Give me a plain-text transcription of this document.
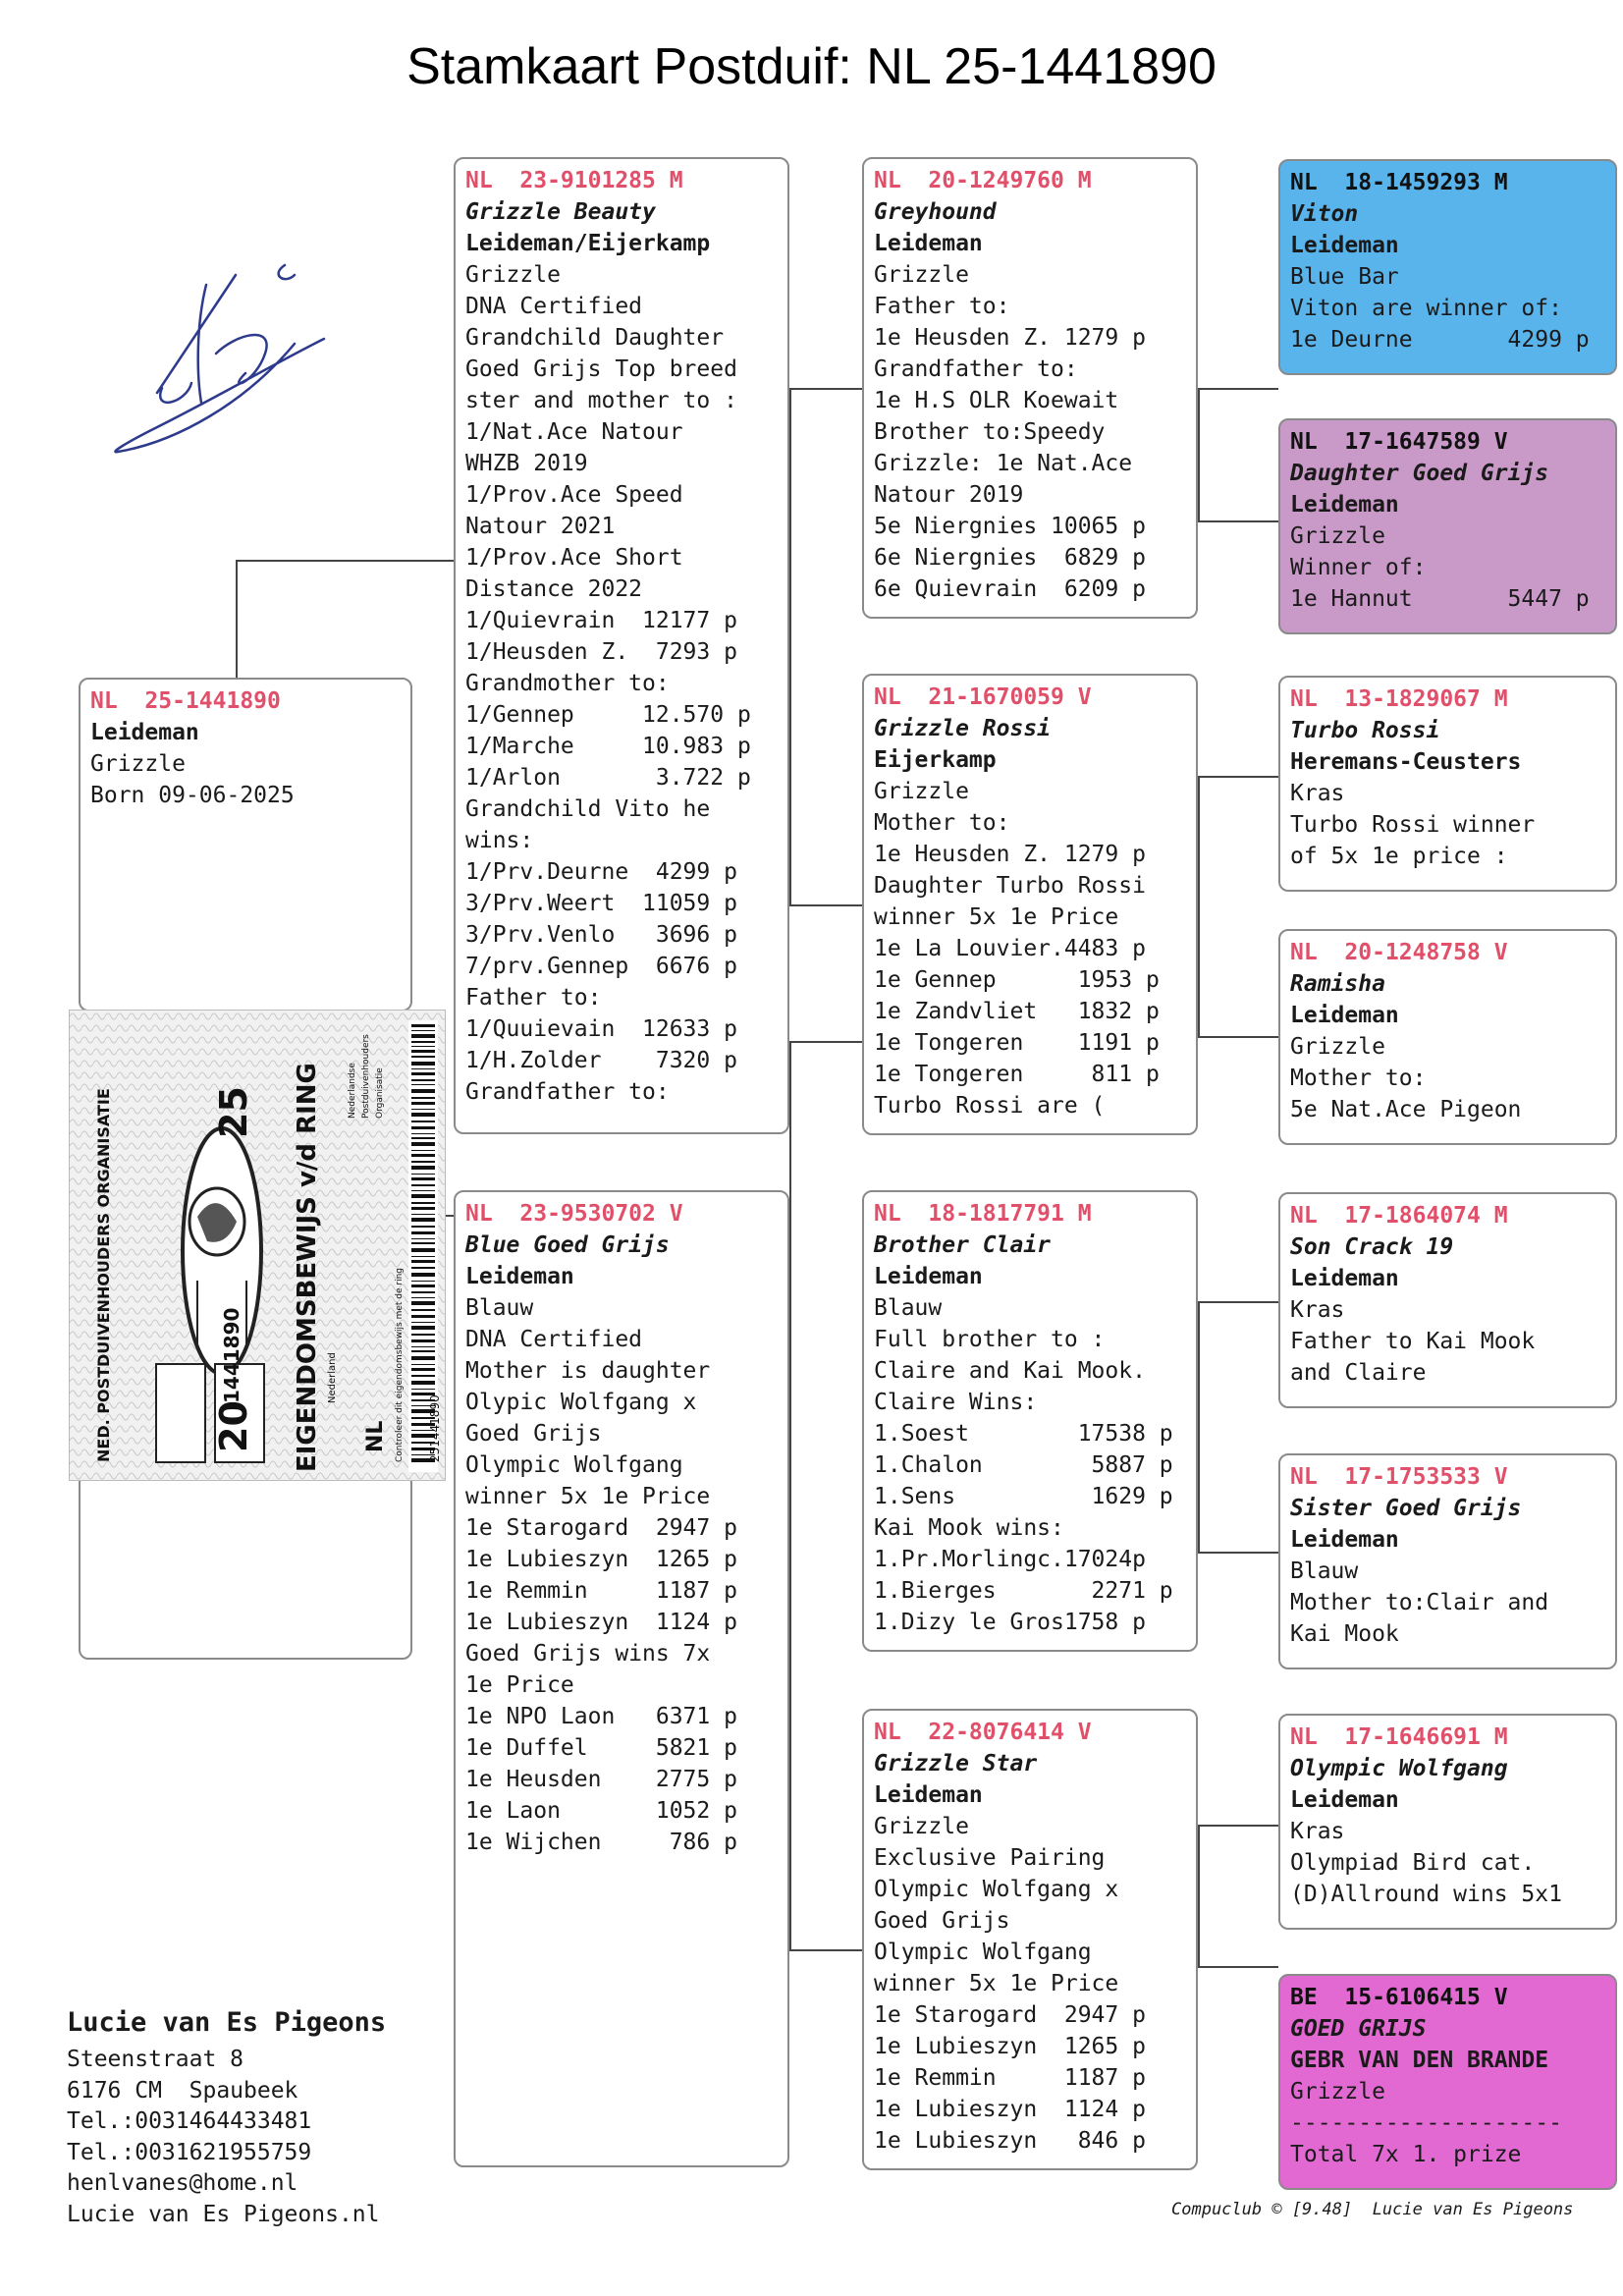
Stamkaart Postduif: NL 25-1441890
NL  25-1441890
Leideman
Grizzle
Born 09-06-2025
NED. POSTDUIVENHOUDERS ORGANISATIE	EIGENDOMSBEWIJS v/d RING
20
25
1441890
NL
Nederlandse Postduivenhouders Organisatie
Nederland	Controleer dit eigendomsbewijs met de ring 251441890
NL  23-9101285 M
Grizzle Beauty
Leideman/Eijerkamp
Grizzle
DNA Certified
Grandchild Daughter
Goed Grijs Top breed
ster and mother to :
1/Nat.Ace Natour
WHZB 2019
1/Prov.Ace Speed
Natour 2021
1/Prov.Ace Short
Distance 2022
1/Quievrain  12177 p
1/Heusden Z.  7293 p
Grandmother to:
1/Gennep     12.570 p
1/Marche     10.983 p
1/Arlon       3.722 p
Grandchild Vito he
wins:
1/Prv.Deurne  4299 p
3/Prv.Weert  11059 p
3/Prv.Venlo   3696 p
7/prv.Gennep  6676 p
Father to:
1/Quuievain  12633 p
1/H.Zolder    7320 p
Grandfather to:
NL  23-9530702 V
Blue Goed Grijs
Leideman
Blauw
DNA Certified
Mother is daughter
Olypic Wolfgang x
Goed Grijs
Olympic Wolfgang
winner 5x 1e Price
1e Starogard  2947 p
1e Lubieszyn  1265 p
1e Remmin     1187 p
1e Lubieszyn  1124 p
Goed Grijs wins 7x
1e Price
1e NPO Laon   6371 p
1e Duffel     5821 p
1e Heusden    2775 p
1e Laon       1052 p
1e Wijchen     786 p
NL  20-1249760 M
Greyhound
Leideman
Grizzle
Father to:
1e Heusden Z. 1279 p
Grandfather to:
1e H.S OLR Koewait
Brother to:Speedy
Grizzle: 1e Nat.Ace
Natour 2019
5e Niergnies 10065 p
6e Niergnies  6829 p
6e Quievrain  6209 p
NL  21-1670059 V
Grizzle Rossi
Eijerkamp
Grizzle
Mother to:
1e Heusden Z. 1279 p
Daughter Turbo Rossi
winner 5x 1e Price
1e La Louvier.4483 p
1e Gennep      1953 p
1e Zandvliet   1832 p
1e Tongeren    1191 p
1e Tongeren     811 p
Turbo Rossi are (
NL  18-1817791 M
Brother Clair
Leideman
Blauw
Full brother to :
Claire and Kai Mook.
Claire Wins:
1.Soest        17538 p
1.Chalon        5887 p
1.Sens          1629 p
Kai Mook wins:
1.Pr.Morlingc.17024p
1.Bierges       2271 p
1.Dizy le Gros1758 p
NL  22-8076414 V
Grizzle Star
Leideman
Grizzle
Exclusive Pairing
Olympic Wolfgang x
Goed Grijs
Olympic Wolfgang
winner 5x 1e Price
1e Starogard  2947 p
1e Lubieszyn  1265 p
1e Remmin     1187 p
1e Lubieszyn  1124 p
1e Lubieszyn   846 p
NL  18-1459293 M
Viton
Leideman
Blue Bar
Viton are winner of:
1e Deurne       4299 p
NL  17-1647589 V
Daughter Goed Grijs
Leideman
Grizzle
Winner of:
1e Hannut       5447 p
NL  13-1829067 M
Turbo Rossi
Heremans-Ceusters
Kras
Turbo Rossi winner
of 5x 1e price :
NL  20-1248758 V
Ramisha
Leideman
Grizzle
Mother to:
5e Nat.Ace Pigeon
NL  17-1864074 M
Son Crack 19
Leideman
Kras
Father to Kai Mook
and Claire
NL  17-1753533 V
Sister Goed Grijs
Leideman
Blauw
Mother to:Clair and
Kai Mook
NL  17-1646691 M
Olympic Wolfgang
Leideman
Kras
Olympiad Bird cat.
(D)Allround wins 5x1
BE  15-6106415 V
GOED GRIJS
GEBR VAN DEN BRANDE
Grizzle
--------------------
Total 7x 1. prize
Lucie van Es Pigeons
Steenstraat 8
6176 CM  Spaubeek
Tel.:0031464433481
Tel.:0031621955759
henlvanes@home.nl
Lucie van Es Pigeons.nl	Compuclub © [9.48]  Lucie van Es Pigeons
